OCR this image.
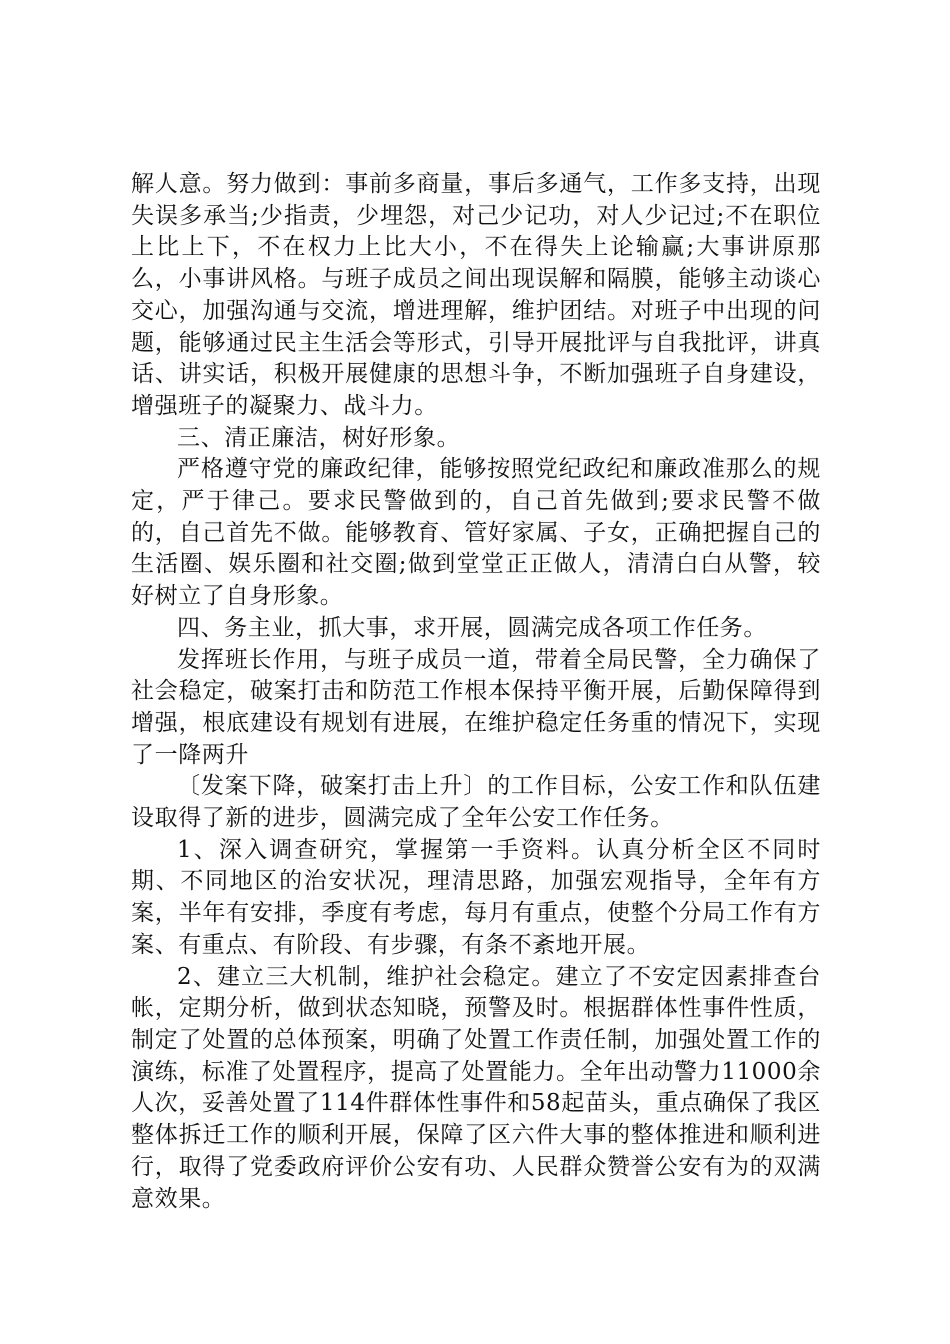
解人意。努力做到：事前多商量，事后多通气，工作多支持，出现失误多承当;少指责，少埋怨，对己少记功，对人少记过;不在职位上比上下，不在权力上比大小，不在得失上论输赢;大事讲原那么，小事讲风格。与班子成员之间出现误解和隔膜，能够主动谈心交心，加强沟通与交流，增进理解，维护团结。对班子中出现的问题，能够通过民主生活会等形式，引导开展批评与自我批评，讲真话、讲实话，积极开展健康的思想斗争，不断加强班子自身建设，增强班子的凝聚力、战斗力。

三、清正廉洁，树好形象。

严格遵守党的廉政纪律，能够按照党纪政纪和廉政准那么的规定，严于律己。要求民警做到的，自己首先做到;要求民警不做的，自己首先不做。能够教育、管好家属、子女，正确把握自己的生活圈、娱乐圈和社交圈;做到堂堂正正做人，清清白白从警，较好树立了自身形象。

四、务主业，抓大事，求开展，圆满完成各项工作任务。

发挥班长作用，与班子成员一道，带着全局民警，全力确保了社会稳定，破案打击和防范工作根本保持平衡开展，后勤保障得到增强，根底建设有规划有进展，在维护稳定任务重的情况下，实现了一降两升

〔发案下降，破案打击上升〕的工作目标，公安工作和队伍建设取得了新的进步，圆满完成了全年公安工作任务。

1、深入调查研究，掌握第一手资料。认真分析全区不同时期、不同地区的治安状况，理清思路，加强宏观指导，全年有方案，半年有安排，季度有考虑，每月有重点，使整个分局工作有方案、有重点、有阶段、有步骤，有条不紊地开展。

2、建立三大机制，维护社会稳定。建立了不安定因素排查台帐，定期分析，做到状态知晓，预警及时。根据群体性事件性质，制定了处置的总体预案，明确了处置工作责任制，加强处置工作的演练，标准了处置程序，提高了处置能力。全年出动警力11000余人次，妥善处置了114件群体性事件和58起苗头，重点确保了我区整体拆迁工作的顺利开展，保障了区六件大事的整体推进和顺利进行，取得了党委政府评价公安有功、人民群众赞誉公安有为的双满意效果。
